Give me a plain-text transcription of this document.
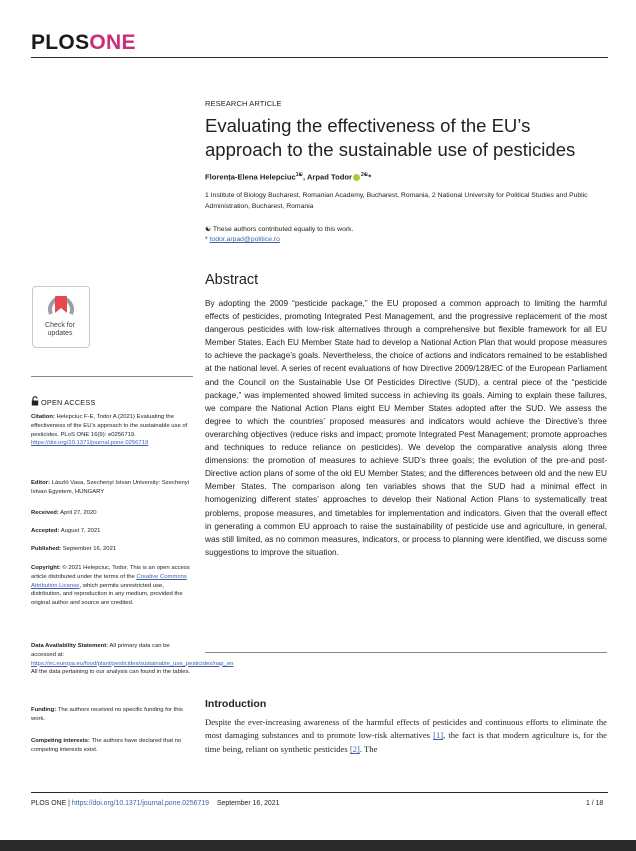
PLOSONE
RESEARCH ARTICLE
Evaluating the effectiveness of the EU’s approach to the sustainable use of pesticides
Florența-Elena Helepciuc$^{1☯}$, Arpad Todor $^{2☯}$*
1 Institute of Biology Bucharest, Romanian Academy, Bucharest, Romania, 2 National University for Political Studies and Public Administration, Bucharest, Romania
☯ These authors contributed equally to this work.
* todor.arpad@politice.ro
Abstract
By adopting the 2009 “pesticide package,” the EU proposed a common approach to limiting the harmful effects of pesticides, promoting Integrated Pest Management, and the progressive replacement of the most dangerous pesticides with low-risk alternatives through a comprehensive but flexible framework for all EU Member States. Each EU Member State had to develop a National Action Plan that would propose measures to achieve the package’s goals. Nevertheless, the choice of actions and indicators remained to be established at the national level. A series of recent evaluations of how Directive 2009/128/EC of the European Parliament and the Council on the Sustainable Use Of Pesticides Directive (SUD), a central piece of the “pesticide package,” was implemented showed limited success in achieving its goals. Aiming to explain these failures, we compare the National Action Plans eight EU Member States adopted after the SUD. We assess the degree to which the countries’ proposed measures and indicators would achieve the Directive’s three overarching objectives (reduce risks and impact; promote Integrated Pest Management; promote approaches and techniques to reduce reliance on pesticides). We develop the comparative analysis along three dimensions: the promotion of measures to achieve SUD’s three goals; the evolution of the pre-and post-Directive action plans of some of the old EU Member States; and the differences between old and the new EU Member States. The comparison along ten variables shows that the SUD had a minimal effect in homogenizing different states’ approaches to develop their National Action Plans to systematically treat problems, propose measures, and timetables for implementation and indicators. Given that the overall effect in generating a common EU approach to raise the sustainability of pesticide use and agriculture, in general, was still limited, as no common measures, indicators, or process to planning were identified, we discuss some suggestions to improve the situation.
Introduction
Despite the ever-increasing awareness of the harmful effects of pesticides and continuous efforts to eliminate the most damaging substances and to promote low-risk alternatives [1], the fact is that modern agriculture is, for the time being, reliant on synthetic pesticides [2]. The
Check for
updates
OPEN ACCESS
Citation: Helepciuc F-E, Todor A (2021) Evaluating the effectiveness of the EU’s approach to the sustainable use of pesticides. PLoS ONE 16(9): e0256719. https://doi.org/10.1371/journal.pone.0256719
Editor: László Vasa, Szechenyi Istvan University: Szechenyi Istvan Egyetem, HUNGARY
Received: April 27, 2020
Accepted: August 7, 2021
Published: September 16, 2021
Copyright: © 2021 Helepciuc, Todor. This is an open access article distributed under the terms of the Creative Commons Attribution License, which permits unrestricted use, distribution, and reproduction in any medium, provided the original author and source are credited.
Data Availability Statement: All primary data can be accessed at: https://ec.europa.eu/food/plant/pesticides/sustainable_use_pesticides/nap_en All the data pertaining to our analysis can found in the tables.
Funding: The authors received no specific funding for this work.
Competing interests: The authors have declared that no competing interests exist.
PLOS ONE | https://doi.org/10.1371/journal.pone.0256719 September 16, 2021	1 / 18
